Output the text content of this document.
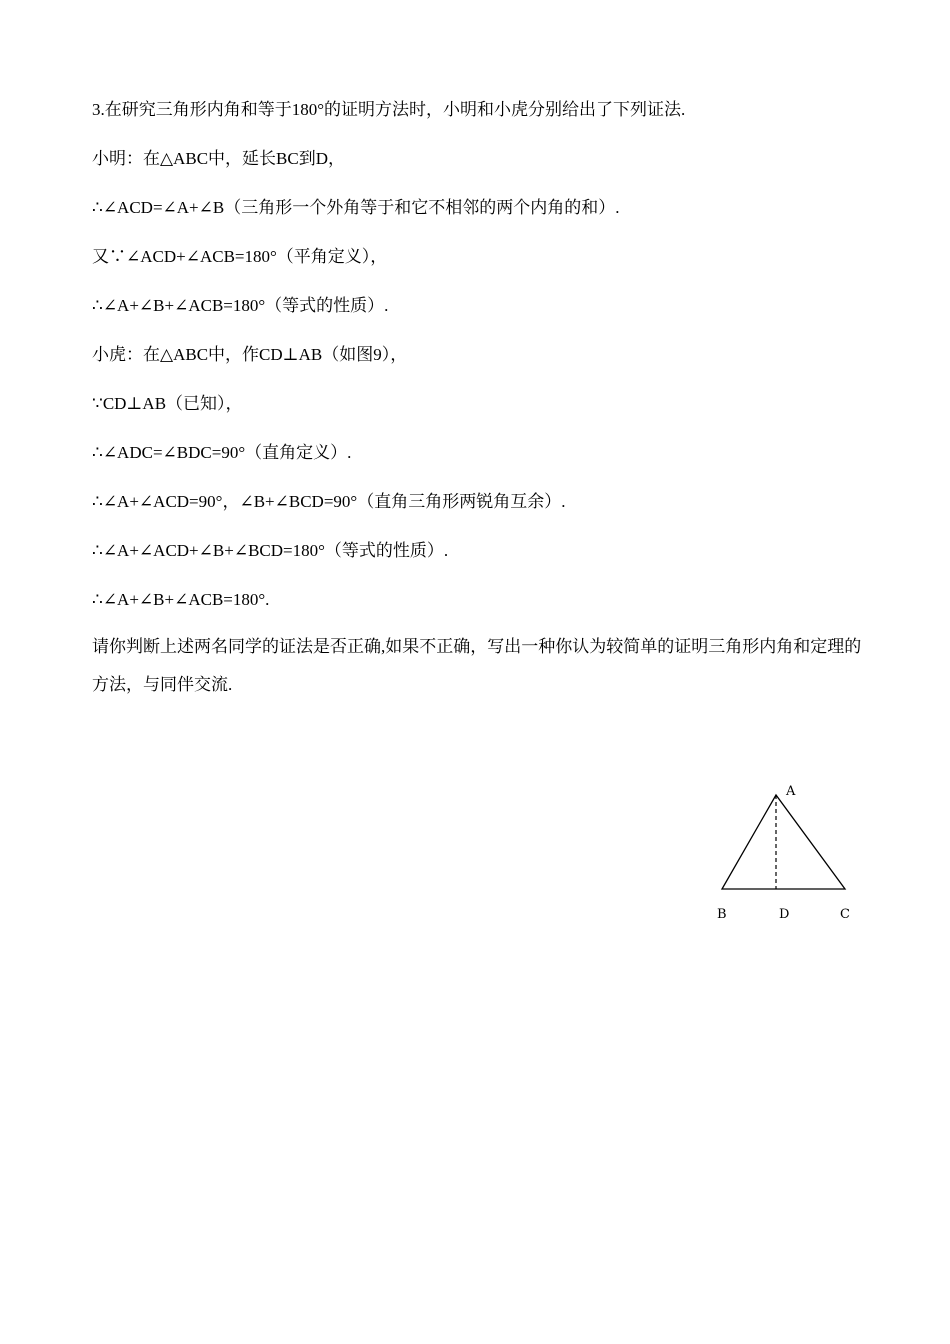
3.在研究三角形内角和等于180°的证明方法时，小明和小虎分别给出了下列证法.
小明：在△ABC中，延长BC到D，
∴∠ACD=∠A+∠B（三角形一个外角等于和它不相邻的两个内角的和）.
又∵∠ACD+∠ACB=180°（平角定义），
∴∠A+∠B+∠ACB=180°（等式的性质）.
小虎：在△ABC中，作CD⊥AB（如图9），
∵CD⊥AB（已知），
∴∠ADC=∠BDC=90°（直角定义）.
∴∠A+∠ACD=90°，∠B+∠BCD=90°（直角三角形两锐角互余）.
∴∠A+∠ACD+∠B+∠BCD=180°（等式的性质）.
∴∠A+∠B+∠ACB=180°.
请你判断上述两名同学的证法是否正确,如果不正确，写出一种你认为较简单的证明三角形内角和定理的方法，与同伴交流.
A
B	D	C
